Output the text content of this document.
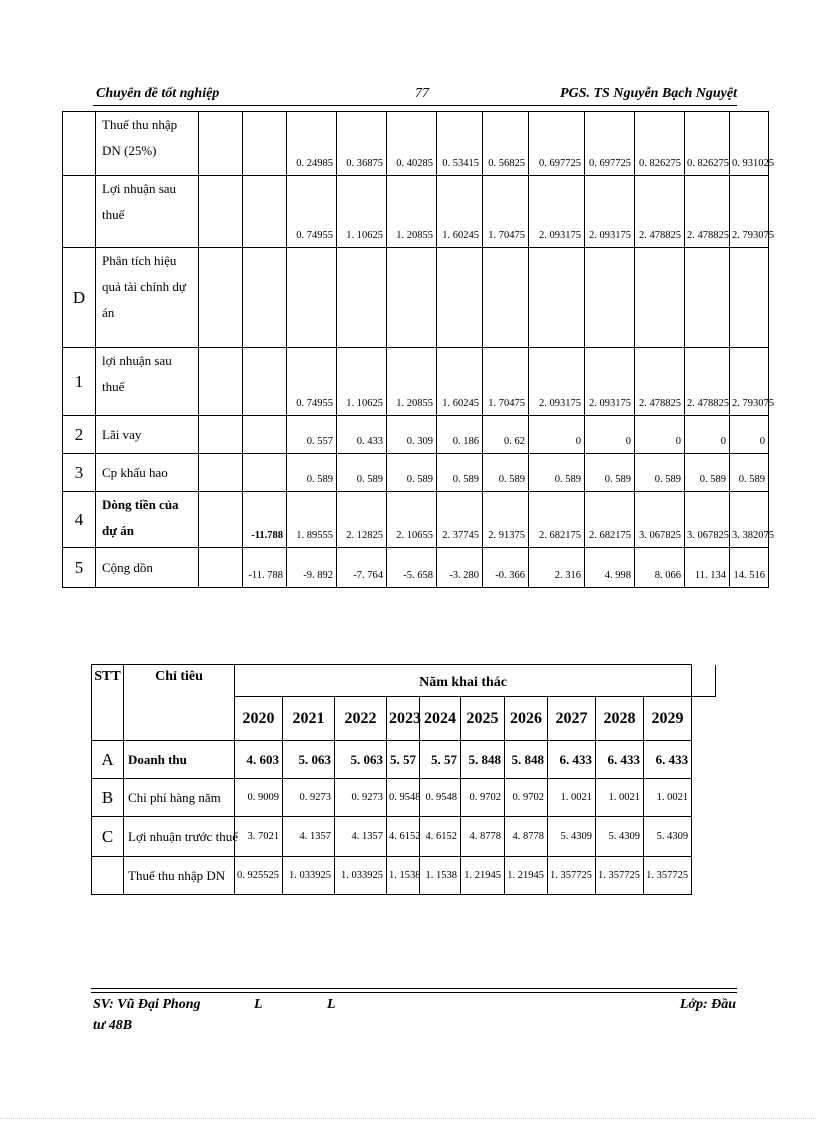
Chuyên đề tốt nghiệp	77	PGS. TS Nguyễn Bạch Nguyệt
	Thuế thu nhập DN (25%)			0. 24985	0. 36875	0. 40285	0. 53415	0. 56825	0. 697725	0. 697725	0. 826275	0. 826275	0. 931025
	Lợi nhuận sau thuế			0. 74955	1. 10625	1. 20855	1. 60245	1. 70475	2. 093175	2. 093175	2. 478825	2. 478825	2. 793075
D	Phân tích hiệu quả tài chính dự án												
1	lợi nhuận sau thuế			0. 74955	1. 10625	1. 20855	1. 60245	1. 70475	2. 093175	2. 093175	2. 478825	2. 478825	2. 793075
2	Lãi vay			0. 557	0. 433	0. 309	0. 186	0. 62	0	0	0	0	0
3	Cp khấu hao			0. 589	0. 589	0. 589	0. 589	0. 589	0. 589	0. 589	0. 589	0. 589	0. 589
4	Dòng tiền của dự án		-11.788	1. 89555	2. 12825	2. 10655	2. 37745	2. 91375	2. 682175	2. 682175	3. 067825	3. 067825	3. 382075
5	Cộng dồn		-11. 788	-9. 892	-7. 764	-5. 658	-3. 280	-0. 366	2. 316	4. 998	8. 066	11. 134	14. 516
STT	Chỉ tiêu	Năm khai thác										
		2020	2021	2022	2023	2024	2025	2026	2027	2028	2029	
A	Doanh thu	4. 603	5. 063	5. 063	5. 57	5. 57	5. 848	5. 848	6. 433	6. 433	6. 433	
B	Chi phí hàng năm	0. 9009	0. 9273	0. 9273	0. 9548	0. 9548	0. 9702	0. 9702	1. 0021	1. 0021	1. 0021	
C	Lợi nhuận trước thuế	3. 7021	4. 1357	4. 1357	4. 6152	4. 6152	4. 8778	4. 8778	5. 4309	5. 4309	5. 4309	
	Thuế thu nhập DN	0. 925525	1. 033925	1. 033925	1. 1538	1. 1538	1. 21945	1. 21945	1. 357725	1. 357725	1. 357725	
SV: Vũ Đại Phong
tư 48B
L	L	Lớp: Đầu
